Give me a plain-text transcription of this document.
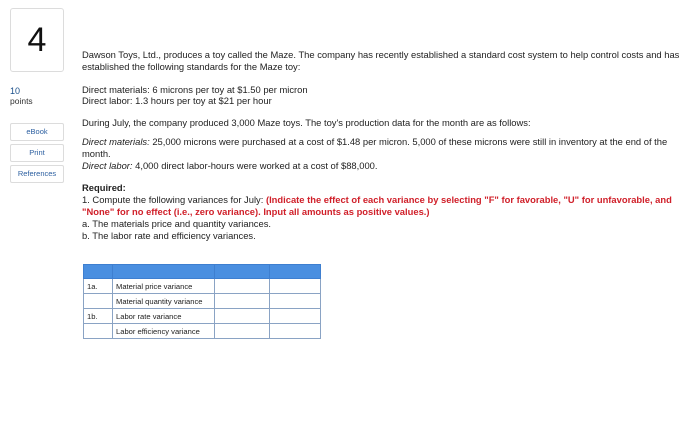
4
10
points
eBook
Print
References

Dawson Toys, Ltd., produces a toy called the Maze. The company has recently established a standard cost system to help control costs and has established the following standards for the Maze toy:

Direct materials: 6 microns per toy at $1.50 per micron

Direct labor: 1.3 hours per toy at $21 per hour

During July, the company produced 3,000 Maze toys. The toy's production data for the month are as follows:

Direct materials: 25,000 microns were purchased at a cost of $1.48 per micron. 5,000 of these microns were still in inventory at the end of the month.

Direct labor: 4,000 direct labor-hours were worked at a cost of $88,000.

Required:

1. Compute the following variances for July: (Indicate the effect of each variance by selecting "F" for favorable, "U" for unfavorable, and "None" for no effect (i.e., zero variance). Input all amounts as positive values.)

a. The materials price and quantity variances.

b. The labor rate and efficiency variances.

1a.	Material price variance		
	Material quantity variance		
1b.	Labor rate variance		
	Labor efficiency variance		
